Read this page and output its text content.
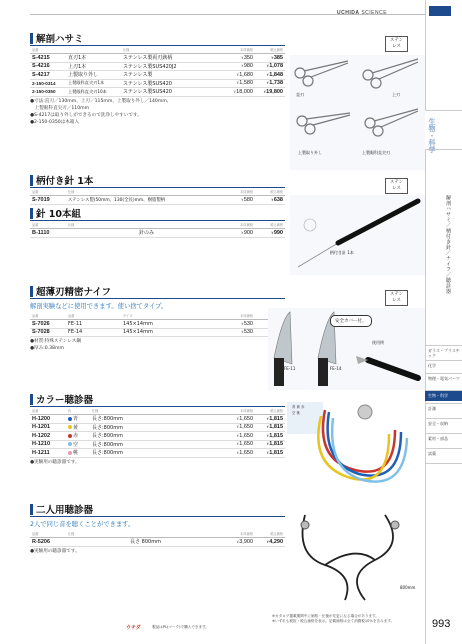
UCHIDA SCIENCE
解剖ハサミ
品番		仕様	本体価格	税込価格
S-4215	直刃1本	ステンレス製両刃鋏柄	¥350	¥385
S-4216	上刃1本	ステンレス製SUS420J2	¥980	¥1,078
S-4217	上製取り外し	ステンレス製	¥1,680	¥1,848
2-150-0314	上製眼科直尖刃1本	ステンレス製SUS420	¥1,580	¥1,738
2-150-0350	上製眼科直尖刃10本	ステンレス製SUS420	¥18,000	¥19,800
●寸法:直刃／130mm、上刃／115mm、上製取り外し／140mm、
　上製眼科直尖刃／110mm
●S-4217は取り外しができるので洗浄しやすいです。
●2-150-0350は木箱入
ステン
レス
直刃	上刃
上製取り外し	上製眼科直尖刃
柄付き針 1本
品番	仕様	本体価格	税込価格
S-7019	ステンレス製(50mm、130(全長)mm、樹脂製柄	¥580	¥638
針 10本組
品番	仕様	本体価格	税込価格
B-1110	針のみ	¥900	¥990
ステン
レス
柄付き針 1本
超薄刃精密ナイフ
解剖実験などに使用できます。使い捨てタイプ。
品番	品番	サイズ	本体価格	
S-7026	FE-11	145×14mm	¥530	
S-7028	FE-14	145×14mm	¥530	
●材質:特殊ステンレス鋼
●厚み:0.38mm
ステン
レス
安全カバー付。
使用例
FE-11	FE-14
カラー聴診器
品番	色	仕様	本体価格	税込価格
H-1200	青	長さ:800mm	¥1,650	¥1,815
H-1201	黄	長さ:800mm	¥1,650	¥1,815
H-1202	赤	長さ:800mm	¥1,650	¥1,815
H-1210	空	長さ:800mm	¥1,650	¥1,815
H-1211	桃	長さ:800mm	¥1,650	¥1,815
●実験用の聴診器です。
青 黄 赤
空 桃
二人用聴診器
2人で同じ音を聴くことができます。
品番	仕様	本体価格	税込価格
R-5206	長さ 800mm	¥3,900	¥4,290
●実験用の聴診器です。
800mm
解剖ハサミ／柄付き針／ナイフ／聴診器
生物・科学
ガラス・プラスチック
化学
物理・電気パーツ
生物・科学
計測
安全・収納
素材・部品
試薬
ウチダ	製品はPL(マーク)で購入できます。
※カタログ掲載期間中に価格・仕様が変更になる場合があります。
※いずれも税抜・税込価格を表示。記載価格は全て消費税10%を含みます。	993
